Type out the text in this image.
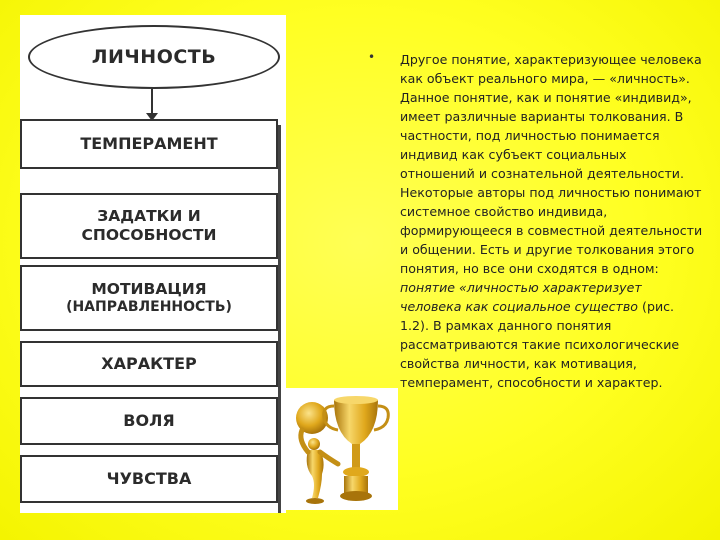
ЛИЧНОСТЬ
ТЕМПЕРАМЕНТ
ЗАДАТКИ И
СПОСОБНОСТИ
МОТИВАЦИЯ
(НАПРАВЛЕННОСТЬ)
ХАРАКТЕР
ВОЛЯ
ЧУВСТВА
•	Другое понятие, характеризующее человека как объект реального мира, — «личность». Данное понятие, как и понятие «индивид», имеет различные варианты толкования. В частности, под личностью понимается индивид как субъект социальных отношений и сознательной деятельности. Некоторые авторы под личностью понимают системное свойство индивида, формирующееся в совместной деятельности и общении. Есть и другие толкования этого понятия, но все они сходятся в одном: понятие «личностью характеризует человека как социальное существо (рис. 1.2). В рамках данного понятия рассматриваются такие психологические свойства личности, как мотивация, темперамент, способности и характер.
